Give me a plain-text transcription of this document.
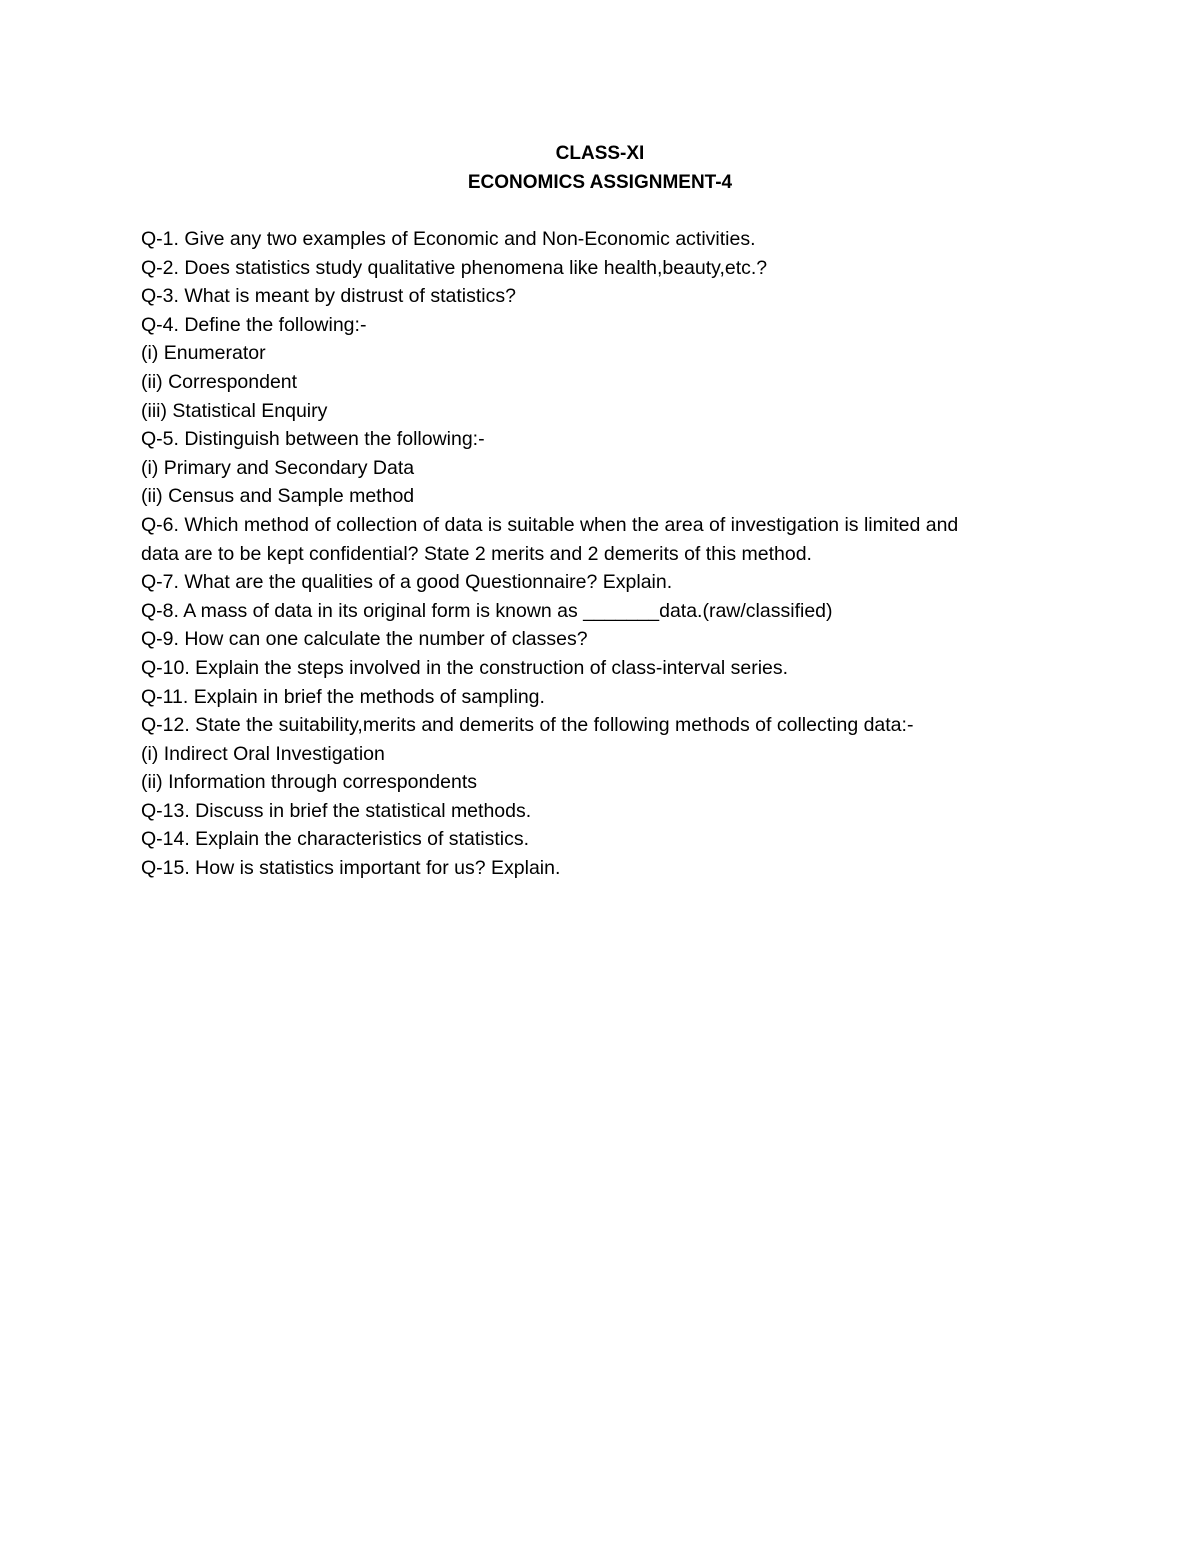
CLASS-XI
ECONOMICS ASSIGNMENT-4
Q-1. Give any two examples of Economic and Non-Economic activities.
Q-2. Does statistics study qualitative phenomena like health,beauty,etc.?
Q-3. What is meant by distrust of statistics?
Q-4. Define the following:-
(i) Enumerator
(ii) Correspondent
(iii) Statistical Enquiry
Q-5. Distinguish between the following:-
(i) Primary and Secondary Data
(ii) Census and Sample method
Q-6. Which method of collection of data is suitable when the area of investigation is limited and
data are to be kept confidential? State 2 merits and 2 demerits of this method.
Q-7. What are the qualities of a good Questionnaire? Explain.
Q-8. A mass of data in its original form is known as _______data.(raw/classified)
Q-9. How can one calculate the number of classes?
Q-10. Explain the steps involved in the construction of class-interval series.
Q-11. Explain in brief the methods of sampling.
Q-12. State the suitability,merits and demerits of the following methods of collecting data:-
(i) Indirect Oral Investigation
(ii) Information through correspondents
Q-13. Discuss in brief the statistical methods.
Q-14. Explain the characteristics of statistics.
Q-15. How is statistics important for us? Explain.
